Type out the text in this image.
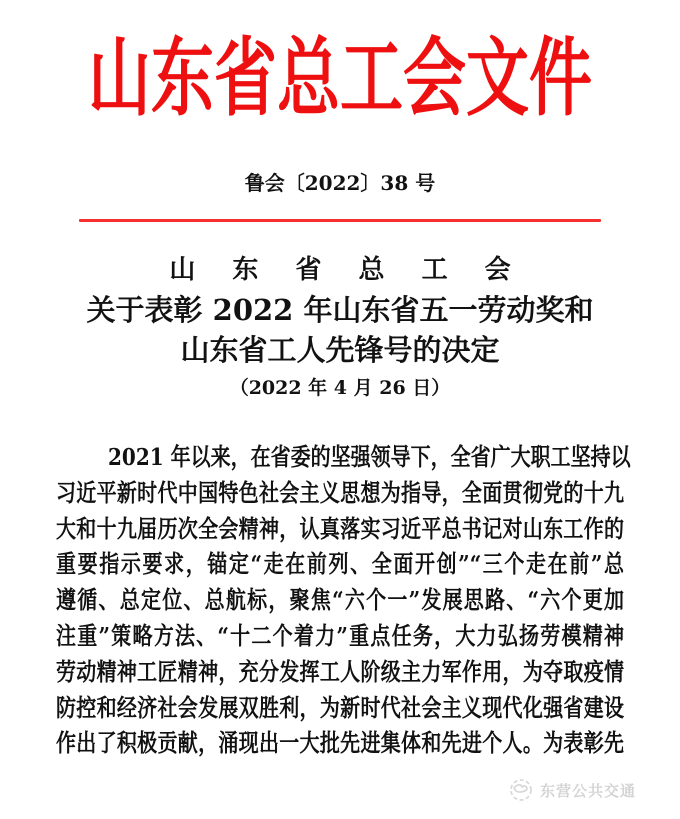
山东省总工会文件
鲁会〔2022〕38 号
山 东 省 总 工 会
关于表彰 2022 年山东省五一劳动奖和
山东省工人先锋号的决定
（2022 年 4 月 26 日）
2021 年以来，在省委的坚强领导下，全省广大职工坚持以
习近平新时代中国特色社会主义思想为指导，全面贯彻党的十九
大和十九届历次全会精神，认真落实习近平总书记对山东工作的
重要指示要求，锚定“走在前列、全面开创”“三个走在前”总
遵循、总定位、总航标，聚焦“六个一”发展思路、“六个更加
注重”策略方法、“十二个着力”重点任务，大力弘扬劳模精神
劳动精神工匠精神，充分发挥工人阶级主力军作用，为夺取疫情
防控和经济社会发展双胜利，为新时代社会主义现代化强省建设
作出了积极贡献，涌现出一大批先进集体和先进个人。为表彰先
东营公共交通
